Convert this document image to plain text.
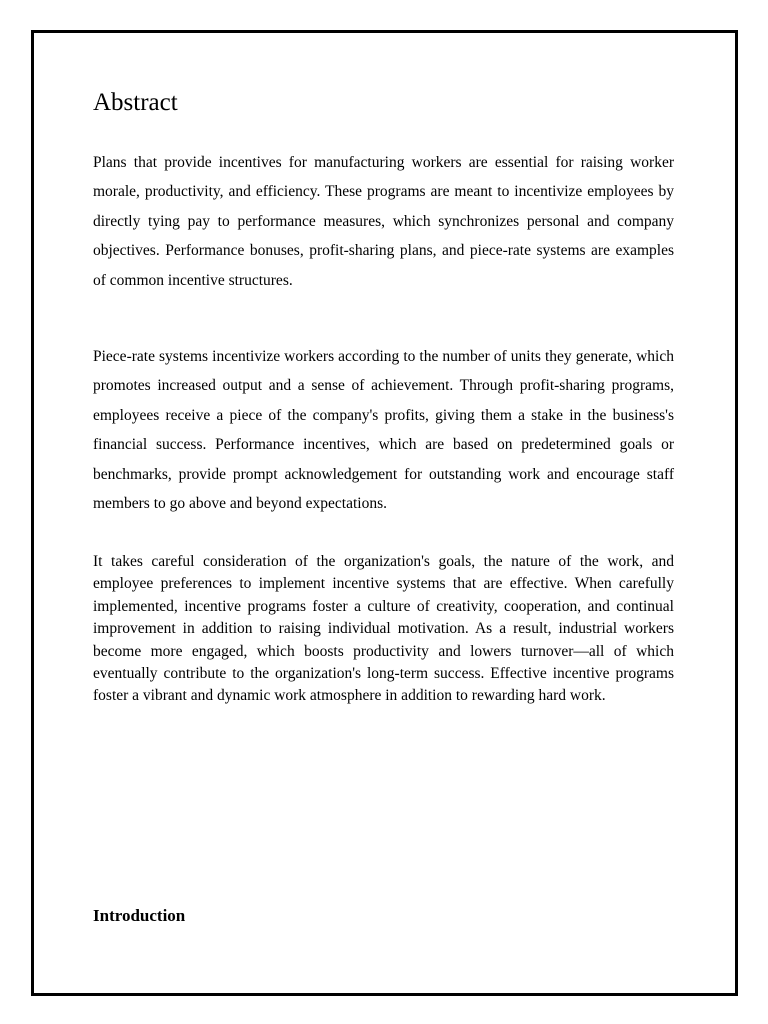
Abstract

Plans that provide incentives for manufacturing workers are essential for raising worker morale, productivity, and efficiency. These programs are meant to incentivize employees by directly tying pay to performance measures, which synchronizes personal and company objectives. Performance bonuses, profit-sharing plans, and piece-rate systems are examples of common incentive structures.

Piece-rate systems incentivize workers according to the number of units they generate, which promotes increased output and a sense of achievement. Through profit-sharing programs, employees receive a piece of the company's profits, giving them a stake in the business's financial success. Performance incentives, which are based on predetermined goals or benchmarks, provide prompt acknowledgement for outstanding work and encourage staff members to go above and beyond expectations.

It takes careful consideration of the organization's goals, the nature of the work, and employee preferences to implement incentive systems that are effective. When carefully implemented, incentive programs foster a culture of creativity, cooperation, and continual improvement in addition to raising individual motivation. As a result, industrial workers become more engaged, which boosts productivity and lowers turnover—all of which eventually contribute to the organization's long-term success. Effective incentive programs foster a vibrant and dynamic work atmosphere in addition to rewarding hard work.

Introduction
